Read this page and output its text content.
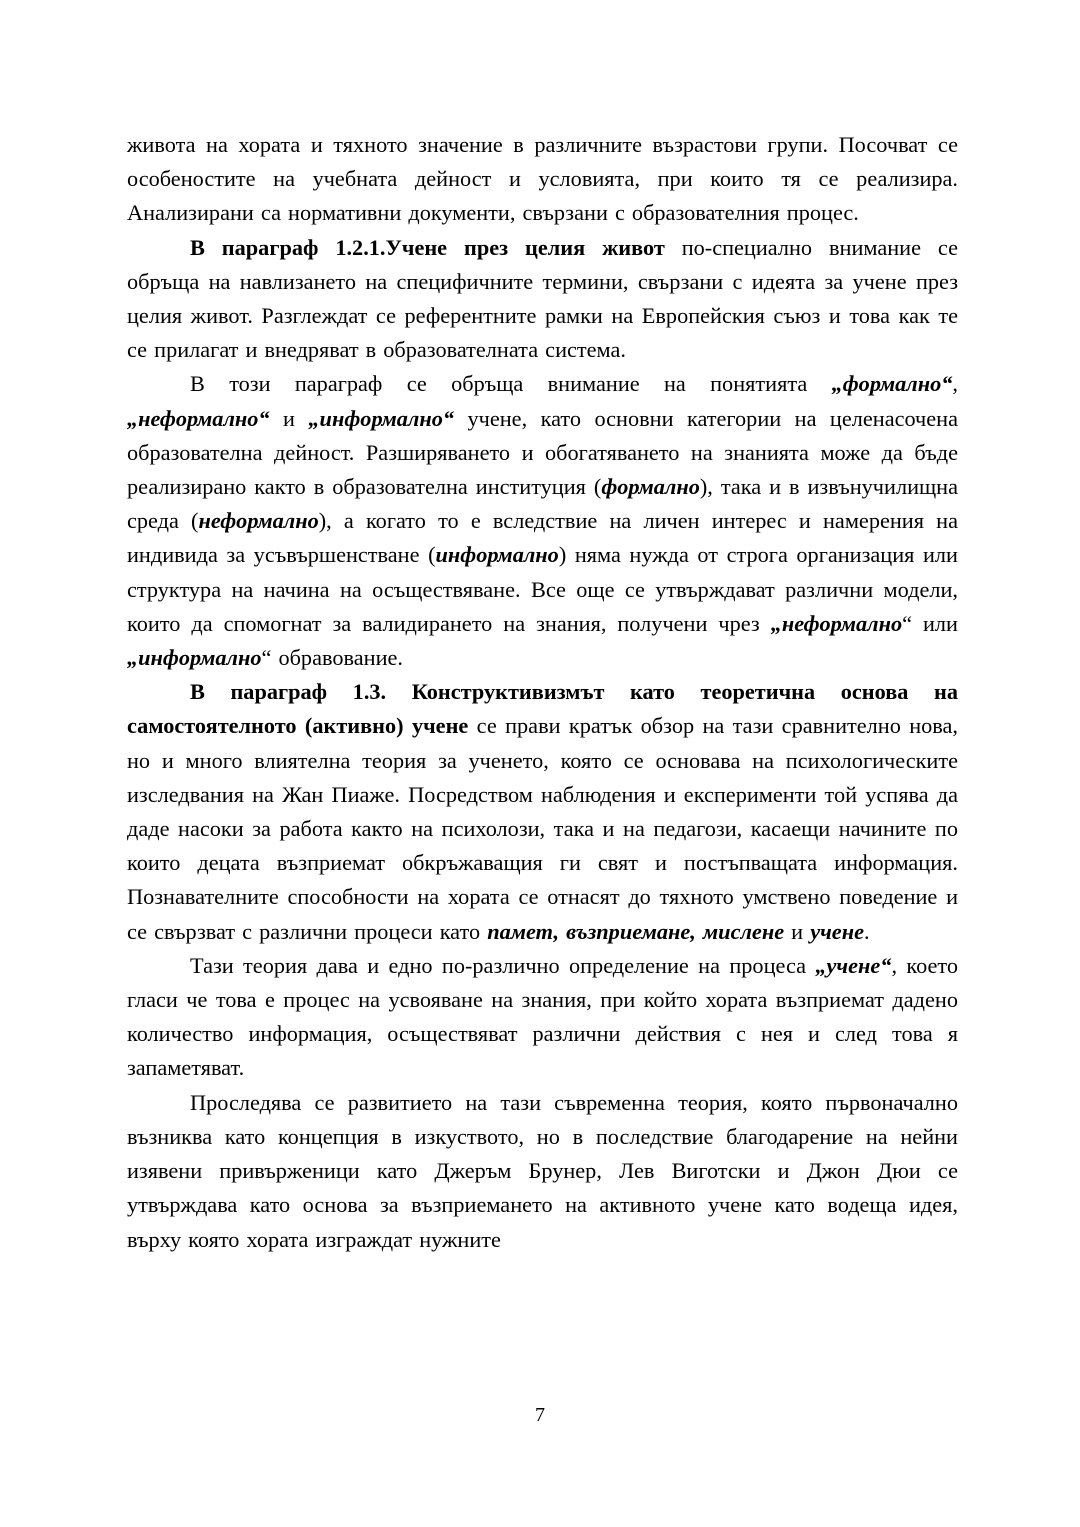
живота на хората и тяхното значение в различните възрастови групи. Посочват се особеностите на учебната дейност и условията, при които тя се реализира. Анализирани са нормативни документи, свързани с образователния процес.

В параграф 1.2.1.Учене през целия живот по-специално внимание се обръща на навлизането на специфичните термини, свързани с идеята за учене през целия живот. Разглеждат се референтните рамки на Европейския съюз и това как те се прилагат и внедряват в образователната система.

В този параграф се обръща внимание на понятията „формално“, „неформално“ и „информално“ учене, като основни категории на целенасочена образователна дейност. Разширяването и обогатяването на знанията може да бъде реализирано както в образователна институция (формално), така и в извънучилищна среда (неформално), а когато то е вследствие на личен интерес и намерения на индивида за усъвършенстване (информално) няма нужда от строга организация или структура на начина на осъществяване. Все още се утвърждават различни модели, които да спомогнат за валидирането на знания, получени чрез „неформално“ или „информално“ обравование.

В параграф 1.3. Конструктивизмът като теоретична основа на самостоятелното (активно) учене се прави кратък обзор на тази сравнително нова, но и много влиятелна теория за ученето, която се основава на психологическите изследвания на Жан Пиаже. Посредством наблюдения и експерименти той успява да даде насоки за работа както на психолози, така и на педагози, касаещи начините по които децата възприемат обкръжаващия ги свят и постъпващата информация. Познавателните способности на хората се отнасят до тяхното умствено поведение и се свързват с различни процеси като памет, възприемане, мислене и учене.

Тази теория дава и едно по-различно определение на процеса „учене“, което гласи че това е процес на усвояване на знания, при който хората възприемат дадено количество информация, осъществяват различни действия с нея и след това я запаметяват.

Проследява се развитието на тази съвременна теория, която първоначално възниква като концепция в изкуството, но в последствие благодарение на нейни изявени привърженици като Джеръм Брунер, Лев Виготски и Джон Дюи се утвърждава като основа за възприемането на активното учене като водеща идея, върху която хората изграждат нужните

7
